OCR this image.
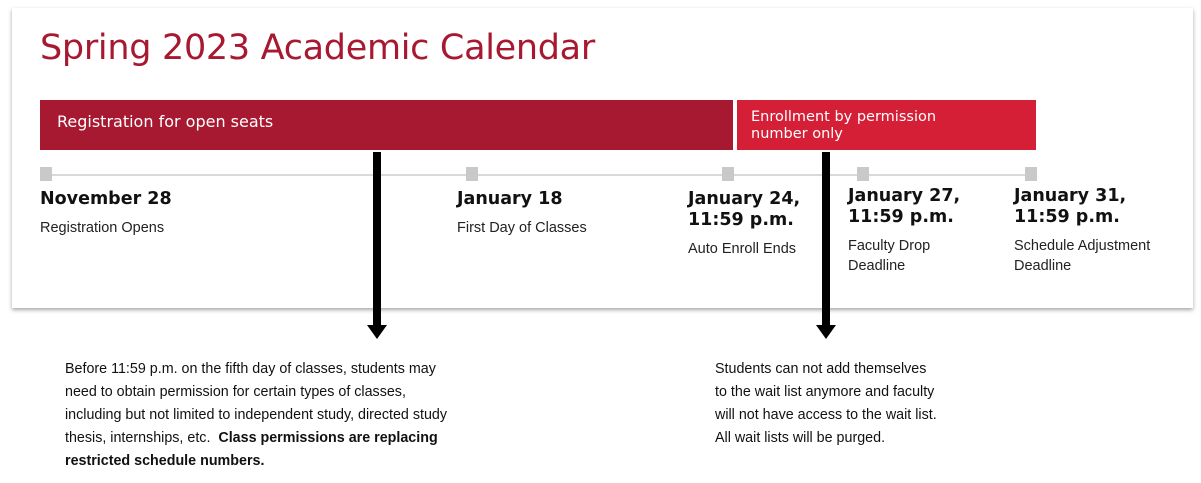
Spring 2023 Academic Calendar
Registration for open seats	Enrollment by permission
number only
November 28
Registration Opens
January 18
First Day of Classes
January 24,
11:59 p.m.
Auto Enroll Ends
January 27,
11:59 p.m.
Faculty Drop
Deadline
January 31,
11:59 p.m.
Schedule Adjustment
Deadline
Before 11:59 p.m. on the fifth day of classes, students may
need to obtain permission for certain types of classes,
including but not limited to independent study, directed study
thesis, internships, etc. Class permissions are replacing
restricted schedule numbers.
Students can not add themselves
to the wait list anymore and faculty
will not have access to the wait list.
All wait lists will be purged.
